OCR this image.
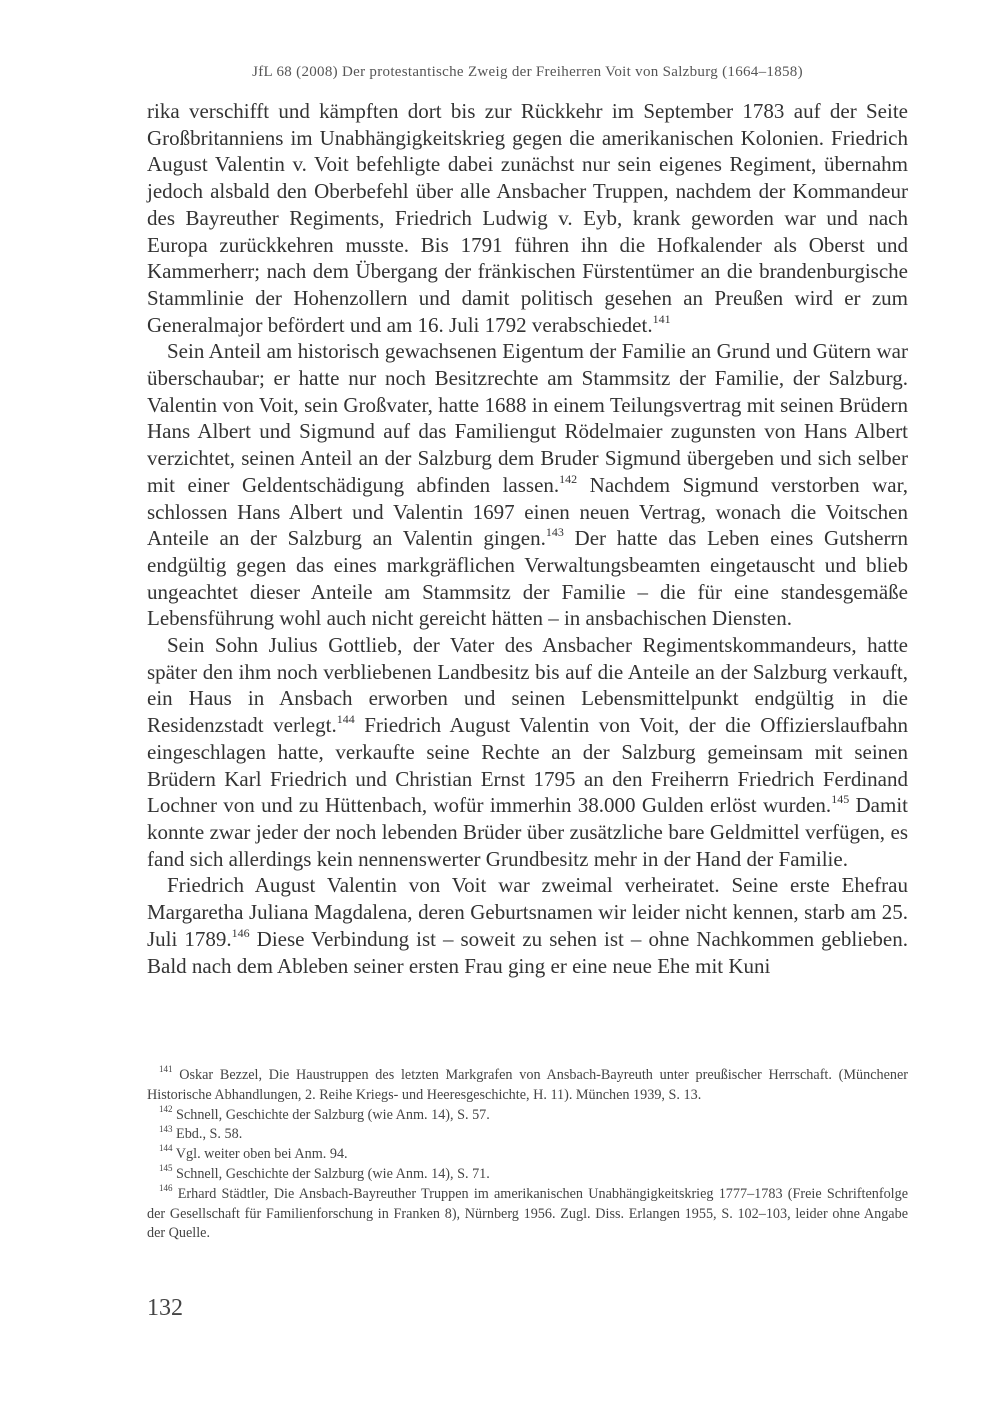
JfL 68 (2008) Der protestantische Zweig der Freiherren Voit von Salzburg (1664–1858)

rika verschifft und kämpften dort bis zur Rückkehr im September 1783 auf der Seite Großbritanniens im Unabhängigkeitskrieg gegen die amerikanischen Kolonien. Friedrich August Valentin v. Voit befehligte dabei zunächst nur sein eigenes Regiment, übernahm jedoch alsbald den Oberbefehl über alle Ansbacher Truppen, nachdem der Kommandeur des Bayreuther Regiments, Friedrich Ludwig v. Eyb, krank geworden war und nach Europa zurückkehren musste. Bis 1791 führen ihn die Hofkalender als Oberst und Kammerherr; nach dem Übergang der fränkischen Fürstentümer an die brandenburgische Stammlinie der Hohenzollern und damit politisch gesehen an Preußen wird er zum Generalmajor befördert und am 16. Juli 1792 verabschiedet.$^{141}$

Sein Anteil am historisch gewachsenen Eigentum der Familie an Grund und Gütern war überschaubar; er hatte nur noch Besitzrechte am Stammsitz der Familie, der Salzburg. Valentin von Voit, sein Großvater, hatte 1688 in einem Teilungsvertrag mit seinen Brüdern Hans Albert und Sigmund auf das Familiengut Rödelmaier zugunsten von Hans Albert verzichtet, seinen Anteil an der Salzburg dem Bruder Sigmund übergeben und sich selber mit einer Geldentschädigung abfinden lassen.$^{142}$ Nachdem Sigmund verstorben war, schlossen Hans Albert und Valentin 1697 einen neuen Vertrag, wonach die Voitschen Anteile an der Salzburg an Valentin gingen.$^{143}$ Der hatte das Leben eines Gutsherrn endgültig gegen das eines markgräflichen Verwaltungsbeamten eingetauscht und blieb ungeachtet dieser Anteile am Stammsitz der Familie – die für eine standesgemäße Lebensführung wohl auch nicht gereicht hätten – in ansbachischen Diensten.

Sein Sohn Julius Gottlieb, der Vater des Ansbacher Regimentskommandeurs, hatte später den ihm noch verbliebenen Landbesitz bis auf die Anteile an der Salzburg verkauft, ein Haus in Ansbach erworben und seinen Lebensmittelpunkt endgültig in die Residenzstadt verlegt.$^{144}$ Friedrich August Valentin von Voit, der die Offizierslaufbahn eingeschlagen hatte, verkaufte seine Rechte an der Salzburg gemeinsam mit seinen Brüdern Karl Friedrich und Christian Ernst 1795 an den Freiherrn Friedrich Ferdinand Lochner von und zu Hüttenbach, wofür immerhin 38.000 Gulden erlöst wurden.$^{145}$ Damit konnte zwar jeder der noch lebenden Brüder über zusätzliche bare Geldmittel verfügen, es fand sich allerdings kein nennenswerter Grundbesitz mehr in der Hand der Familie.

Friedrich August Valentin von Voit war zweimal verheiratet. Seine erste Ehefrau Margaretha Juliana Magdalena, deren Geburtsnamen wir leider nicht kennen, starb am 25. Juli 1789.$^{146}$ Diese Verbindung ist – soweit zu sehen ist – ohne Nachkommen geblieben. Bald nach dem Ableben seiner ersten Frau ging er eine neue Ehe mit Kuni

$^{141}$ Oskar Bezzel, Die Haustruppen des letzten Markgrafen von Ansbach-Bayreuth unter preußischer Herrschaft. (Münchener Historische Abhandlungen, 2. Reihe Kriegs- und Heeresgeschichte, H. 11). München 1939, S. 13.

$^{142}$ Schnell, Geschichte der Salzburg (wie Anm. 14), S. 57.

$^{143}$ Ebd., S. 58.

$^{144}$ Vgl. weiter oben bei Anm. 94.

$^{145}$ Schnell, Geschichte der Salzburg (wie Anm. 14), S. 71.

$^{146}$ Erhard Städtler, Die Ansbach-Bayreuther Truppen im amerikanischen Unabhängigkeitskrieg 1777–1783 (Freie Schriftenfolge der Gesellschaft für Familienforschung in Franken 8), Nürnberg 1956. Zugl. Diss. Erlangen 1955, S. 102–103, leider ohne Angabe der Quelle.

132
